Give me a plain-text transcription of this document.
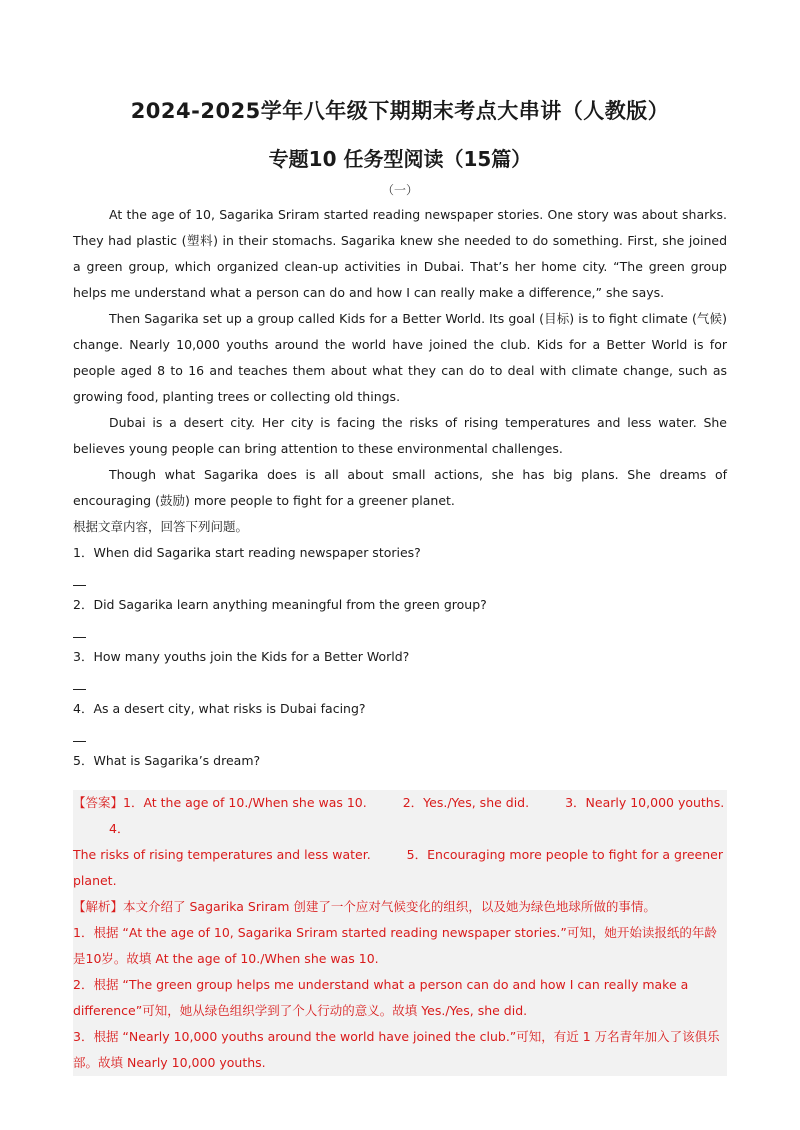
2024-2025学年八年级下期期末考点大串讲（人教版）
专题10 任务型阅读（15篇）
（一）

At the age of 10, Sagarika Sriram started reading newspaper stories. One story was about sharks. They had plastic (塑料) in their stomachs. Sagarika knew she needed to do something. First, she joined a green group, which organized clean-up activities in Dubai. That’s her home city. “The green group helps me understand what a person can do and how I can really make a difference,” she says.

Then Sagarika set up a group called Kids for a Better World. Its goal (目标) is to fight climate (气候) change. Nearly 10,000 youths around the world have joined the club. Kids for a Better World is for people aged 8 to 16 and teaches them about what they can do to deal with climate change, such as growing food, planting trees or collecting old things.

Dubai is a desert city. Her city is facing the risks of rising temperatures and less water. She believes young people can bring attention to these environmental challenges.

Though what Sagarika does is all about small actions, she has big plans. She dreams of encouraging (鼓励) more people to fight for a greener planet.

根据文章内容，回答下列问题。

1．When did Sagarika start reading newspaper stories?

2．Did Sagarika learn anything meaningful from the green group?

3．How many youths join the Kids for a Better World?

4．As a desert city, what risks is Dubai facing?

5．What is Sagarika’s dream?

【答案】1．At the age of 10./When she was 10.	2．Yes./Yes, she did.	3．Nearly 10,000 youths.4．

The risks of rising temperatures and less water.	5．Encouraging more people to fight for a greener planet.

【解析】本文介绍了 Sagarika Sriram 创建了一个应对气候变化的组织，以及她为绿色地球所做的事情。

1．根据 “At the age of 10, Sagarika Sriram started reading newspaper stories.”可知，她开始读报纸的年龄是10岁。故填 At the age of 10./When she was 10.

2．根据 “The green group helps me understand what a person can do and how I can really make a difference”可知，她从绿色组织学到了个人行动的意义。故填 Yes./Yes, she did.

3．根据 “Nearly 10,000 youths around the world have joined the club.”可知，有近 1 万名青年加入了该俱乐部。故填 Nearly 10,000 youths.
